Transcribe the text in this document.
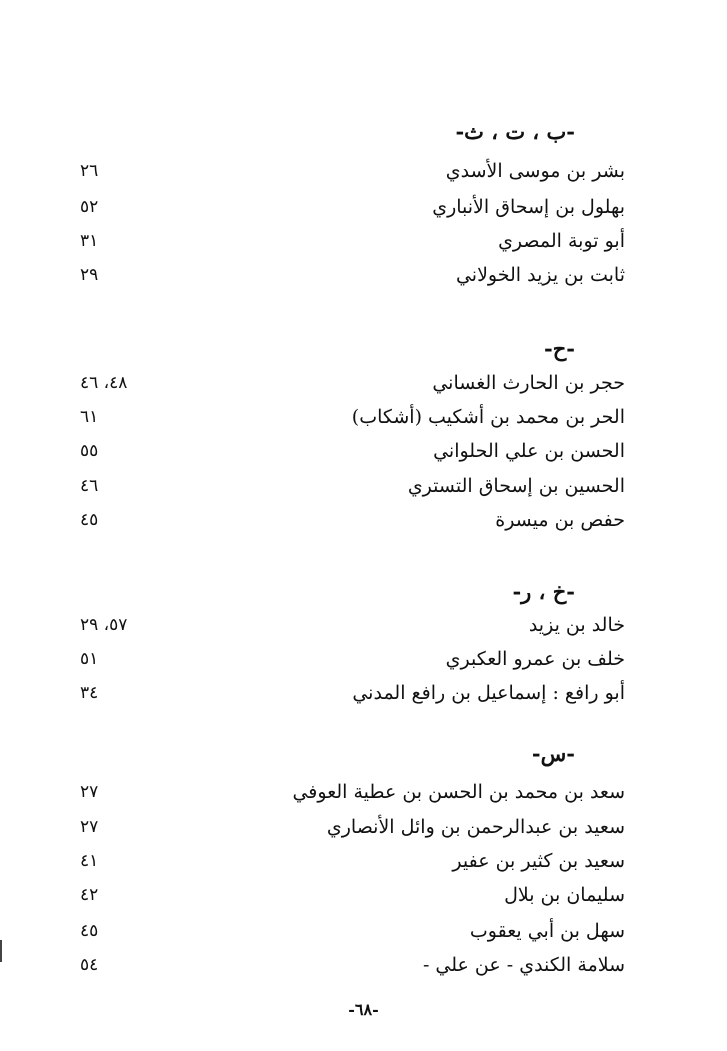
-ب ، ت ، ث-
بشر بن موسى الأسدي
٢٦
بهلول بن إسحاق الأنباري
٥٢
أبو توبة المصري
٣١
ثابت بن يزيد الخولاني
٢٩
-ح-
حجر بن الحارث الغساني
٤٨، ٤٦
الحر بن محمد بن أشكيب (أشكاب)
٦١
الحسن بن علي الحلواني
٥٥
الحسين بن إسحاق التستري
٤٦
حفص بن ميسرة
٤٥
-خ ، ر-
خالد بن يزيد
٥٧، ٢٩
خلف بن عمرو العكبري
٥١
أبو رافع : إسماعيل بن رافع المدني
٣٤
-س-
سعد بن محمد بن الحسن بن عطية العوفي
٢٧
سعيد بن عبدالرحمن بن وائل الأنصاري
٢٧
سعيد بن كثير بن عفير
٤١
سليمان بن بلال
٤٢
سهل بن أبي يعقوب
٤٥
سلامة الكندي - عن علي -
٥٤
-٦٨-
